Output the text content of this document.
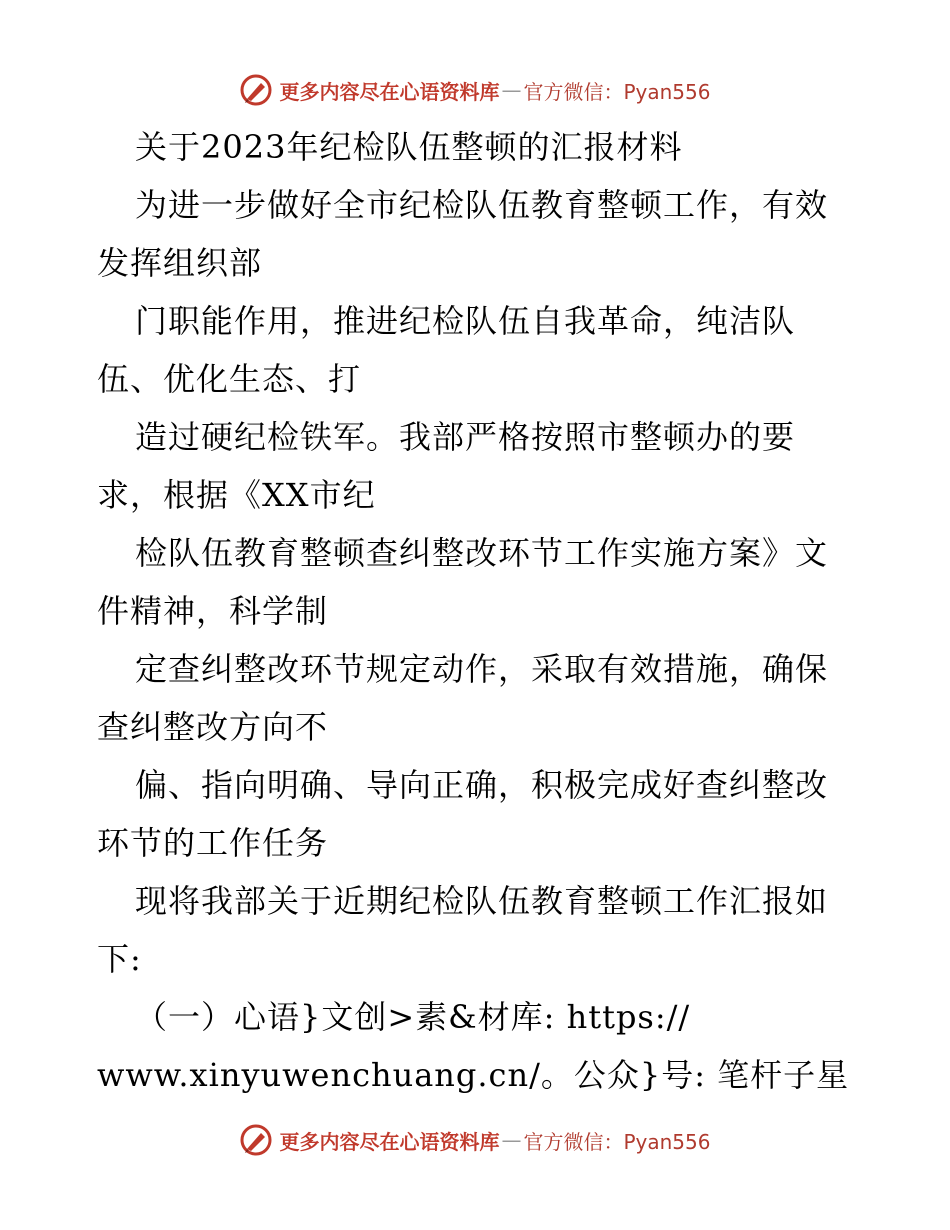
更多内容尽在心语资料库 — 官方微信：Pyan556
关于2023年纪检队伍整顿的汇报材料
为进一步做好全市纪检队伍教育整顿工作，有效
发挥组织部
门职能作用，推进纪检队伍自我革命，纯洁队
伍、优化生态、打
造过硬纪检铁军。我部严格按照市整顿办的要
求，根据《XX市纪
检队伍教育整顿查纠整改环节工作实施方案》文
件精神，科学制
定查纠整改环节规定动作，采取有效措施，确保
查纠整改方向不
偏、指向明确、导向正确，积极完成好查纠整改
环节的工作任务
现将我部关于近期纪检队伍教育整顿工作汇报如
下:
（一）心语}文创>素&材库: https://
www.xinyuwenchuang.cn/。公众}号: 笔杆子星
更多内容尽在心语资料库 — 官方微信：Pyan556
